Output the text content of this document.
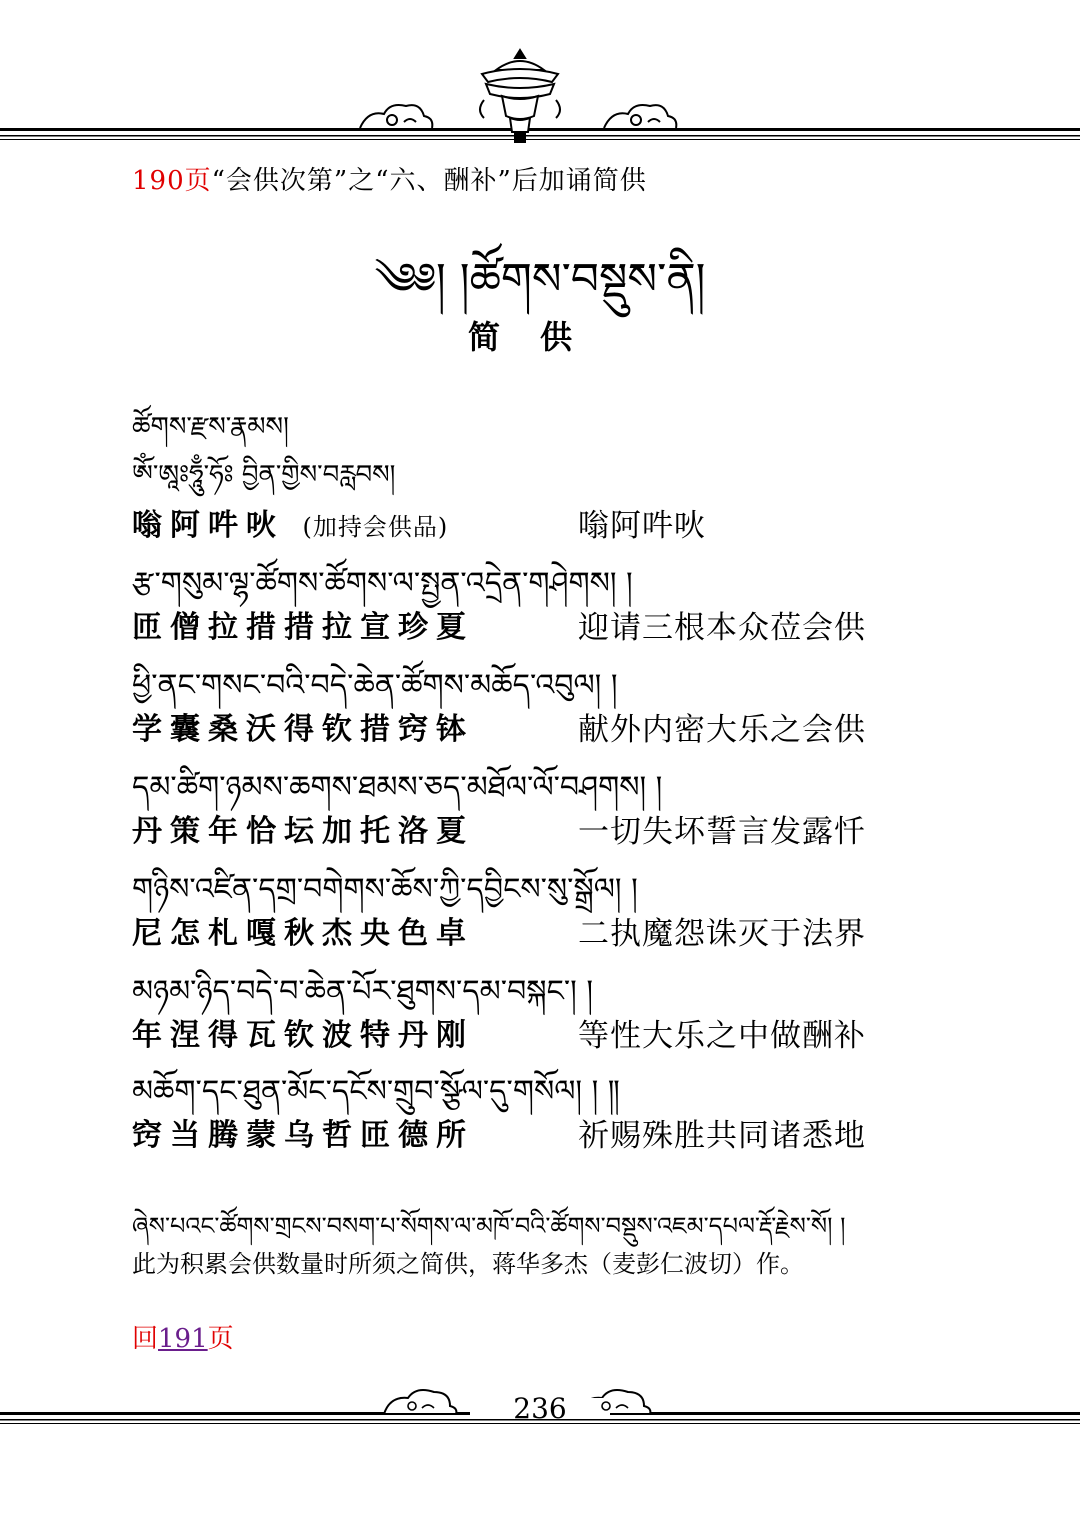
190页“会供次第”之“六、酬补”后加诵简供
༄༅། །ཚོགས་བསྡུས་ནི།
简供
ཚོགས་རྫས་རྣམས།
ཨོཾ་ཨཱཿཧཱུྃ་ཧོཿ བྱིན་གྱིས་བརླབས།
嗡阿吽吙 (加持会供品)	嗡阿吽吙
རྩ་གསུམ་ལྷ་ཚོགས་ཚོགས་ལ་སྤྱན་འདྲེན་གཤེགས། །
匝僧拉措措拉宣珍夏	迎请三根本众莅会供
ཕྱི་ནང་གསང་བའི་བདེ་ཆེན་ཚོགས་མཆོད་འབུལ། །
学囊桑沃得钦措窍钵	献外内密大乐之会供
དམ་ཚིག་ཉམས་ཆགས་ཐམས་ཅད་མཐོལ་ལོ་བཤགས། །
丹策年恰坛加托洛夏	一切失坏誓言发露忏
གཉིས་འཛིན་དགྲ་བགེགས་ཆོས་ཀྱི་དབྱིངས་སུ་སྒྲོལ། །
尼怎札嘎秋杰央色卓	二执魔怨诛灭于法界
མཉམ་ཉིད་བདེ་བ་ཆེན་པོར་ཐུགས་དམ་བསྐང་། །
年涅得瓦钦波特丹刚	等性大乐之中做酬补
མཆོག་དང་ཐུན་མོང་དངོས་གྲུབ་སྩོལ་དུ་གསོལ། ། ༎
窍当腾蒙乌哲匝德所	祈赐殊胜共同诸悉地
ཞེས་པའང་ཚོགས་གྲངས་བསག་པ་སོགས་ལ་མཁོ་བའི་ཚོགས་བསྡུས་འཇམ་དཔལ་རྡོ་རྗེས་སོ། །
此为积累会供数量时所须之简供，蒋华多杰（麦彭仁波切）作。
回191页
236
